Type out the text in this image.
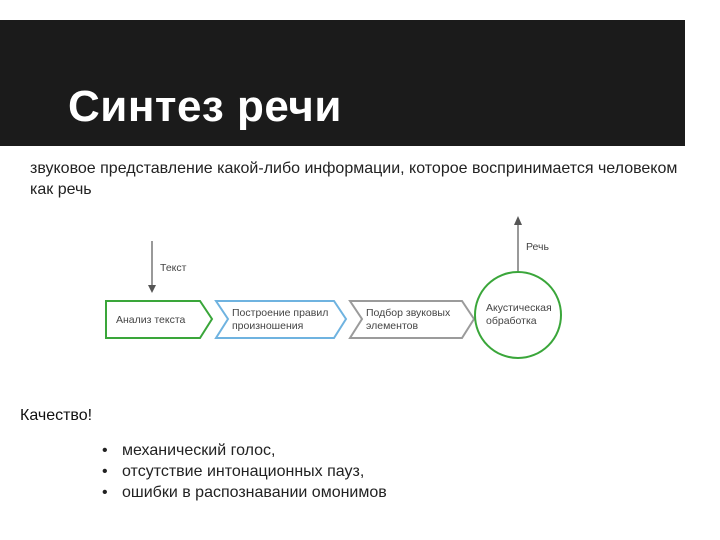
Синтез речи
звуковое представление какой-либо информации, которое воспринимается человеком как речь
Текст
Анализ текста
Построение правил
произношения
Подбор звуковых
элементов
Акустическая
обработка
Речь
Качество!
• механический голос,
• отсутствие интонационных пауз,
• ошибки в распознавании омонимов
